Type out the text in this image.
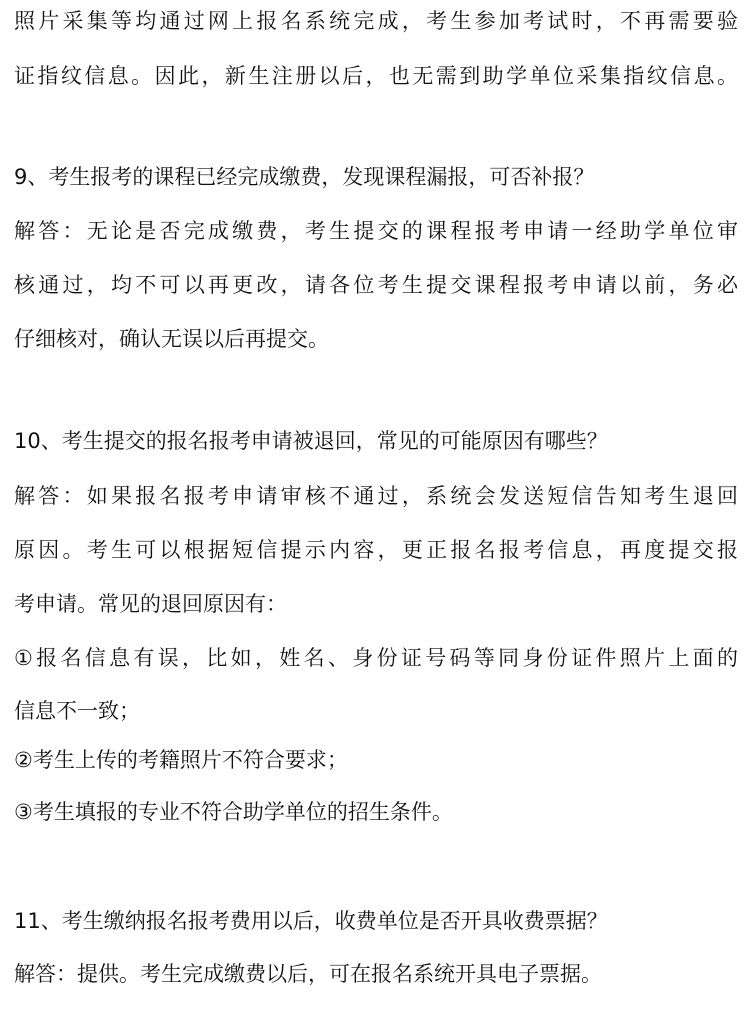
照片采集等均通过网上报名系统完成，考生参加考试时，不再需要验
证指纹信息。因此，新生注册以后，也无需到助学单位采集指纹信息。
9、考生报考的课程已经完成缴费，发现课程漏报，可否补报？
解答：无论是否完成缴费，考生提交的课程报考申请一经助学单位审
核通过，均不可以再更改，请各位考生提交课程报考申请以前，务必
仔细核对，确认无误以后再提交。
10、考生提交的报名报考申请被退回，常见的可能原因有哪些？
解答：如果报名报考申请审核不通过，系统会发送短信告知考生退回
原因。考生可以根据短信提示内容，更正报名报考信息，再度提交报
考申请。常见的退回原因有：
①报名信息有误，比如，姓名、身份证号码等同身份证件照片上面的
信息不一致；
②考生上传的考籍照片不符合要求；
③考生填报的专业不符合助学单位的招生条件。
11、考生缴纳报名报考费用以后，收费单位是否开具收费票据？
解答：提供。考生完成缴费以后，可在报名系统开具电子票据。
